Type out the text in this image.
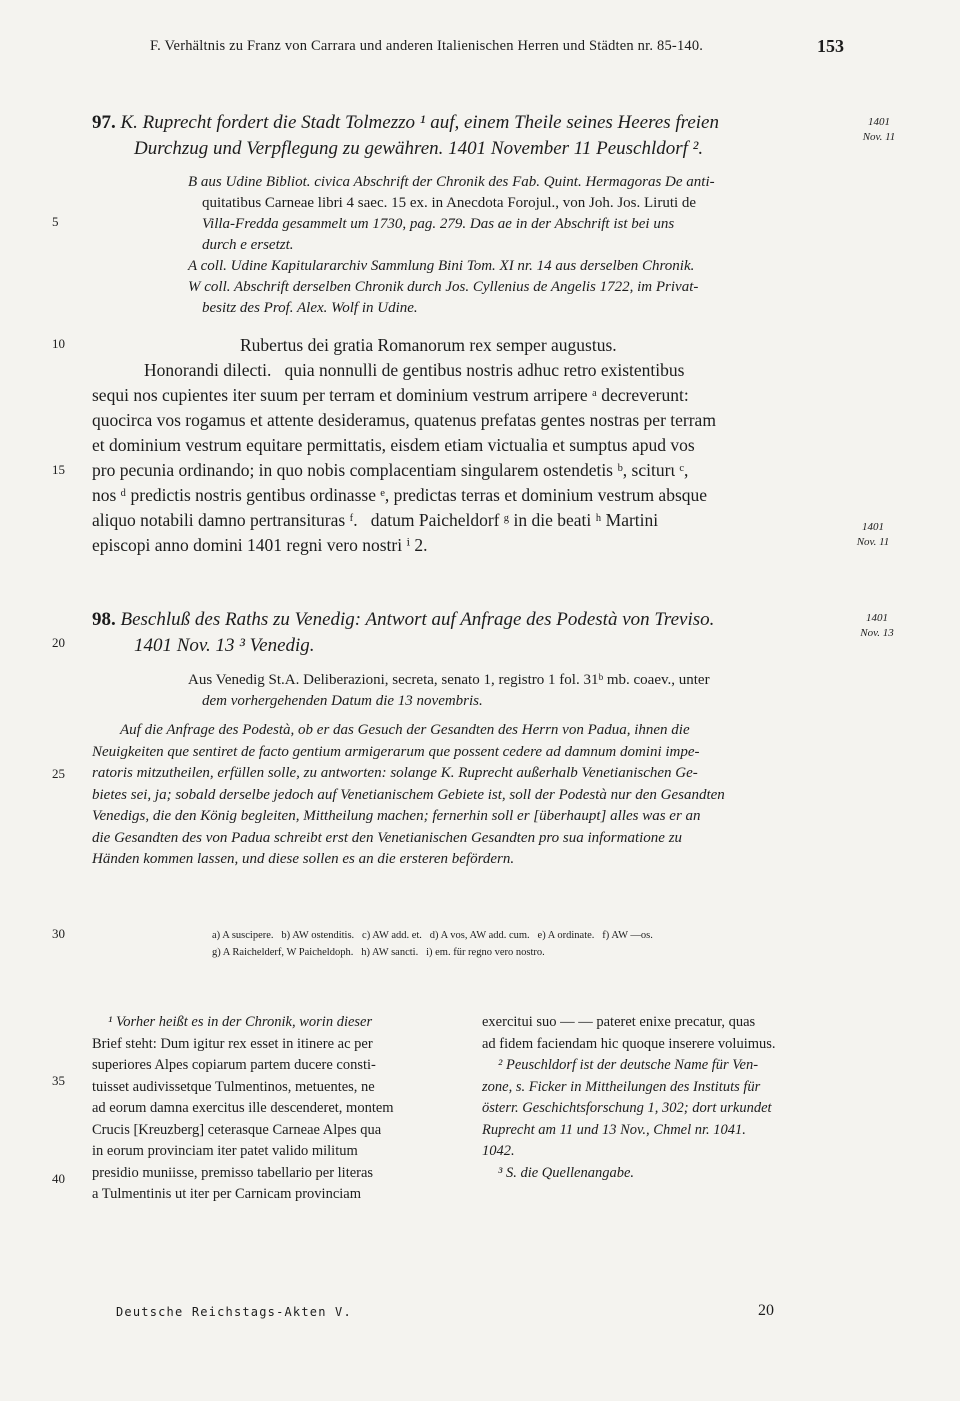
F. Verhältnis zu Franz von Carrara und anderen Italienischen Herren und Städten nr. 85-140.	153
5
10
15
20
25
30
35
40
1401
Nov. 11
1401
Nov. 11
1401
Nov. 13
97. K. Ruprecht fordert die Stadt Tolmezzo ¹ auf, einem Theile seines Heeres freien
Durchzug und Verpflegung zu gewähren. 1401 November 11 Peuschldorf ².
B aus Udine Bibliot. civica Abschrift der Chronik des Fab. Quint. Hermagoras De anti-
quitatibus Carneae libri 4 saec. 15 ex. in Anecdota Forojul., von Joh. Jos. Liruti de
Villa-Fredda gesammelt um 1730, pag. 279. Das ae in der Abschrift ist bei uns
durch e ersetzt.
A coll. Udine Kapitulararchiv Sammlung Bini Tom. XI nr. 14 aus derselben Chronik.
W coll. Abschrift derselben Chronik durch Jos. Cyllenius de Angelis 1722, im Privat-
besitz des Prof. Alex. Wolf in Udine.
Rubertus dei gratia Romanorum rex semper augustus.
Honorandi dilecti.   quia nonnulli de gentibus nostris adhuc retro existentibus
sequi nos cupientes iter suum per terram et dominium vestrum arripere ᵃ decreverunt:
quocirca vos rogamus et attente desideramus, quatenus prefatas gentes nostras per terram
et dominium vestrum equitare permittatis, eisdem etiam victualia et sumptus apud vos
pro pecunia ordinando; in quo nobis complacentiam singularem ostendetis ᵇ, sciturι ᶜ,
nos ᵈ predictis nostris gentibus ordinasse ᵉ, predictas terras et dominium vestrum absque
aliquo notabili damno pertransituras ᶠ.   datum Paicheldorf ᵍ in die beati ʰ Martini
episcopi anno domini 1401 regni vero nostri ⁱ 2.
98. Beschluß des Raths zu Venedig: Antwort auf Anfrage des Podestà von Treviso.
1401 Nov. 13 ³ Venedig.
Aus Venedig St.A. Deliberazioni, secreta, senato 1, registro 1 fol. 31ᵇ mb. coaev., unter
dem vorhergehenden Datum die 13 novembris.
Auf die Anfrage des Podestà, ob er das Gesuch der Gesandten des Herrn von Padua, ihnen die
Neuigkeiten que sentiret de facto gentium armigerarum que possent cedere ad damnum domini impe-
ratoris mitzutheilen, erfüllen solle, zu antworten: solange K. Ruprecht außerhalb Venetianischen Ge-
bietes sei, ja; sobald derselbe jedoch auf Venetianischem Gebiete ist, soll der Podestà nur den Gesandten
Venedigs, die den König begleiten, Mittheilung machen; fernerhin soll er [überhaupt] alles was er an
die Gesandten des von Padua schreibt erst den Venetianischen Gesandten pro sua informatione zu
Händen kommen lassen, und diese sollen es an die ersteren befördern.
a) A suscipere.   b) AW ostenditis.   c) AW add. et.   d) A vos, AW add. cum.   e) A ordinate.   f) AW —os.
g) A Raichelderf, W Paicheldoph.   h) AW sancti.   i) em. für regno vero nostro.
¹ Vorher heißt es in der Chronik, worin dieser
Brief steht: Dum igitur rex esset in itinere ac per
superiores Alpes copiarum partem ducere consti-
tuisset audivissetque Tulmentinos, metuentes, ne
ad eorum damna exercitus ille descenderet, montem
Crucis [Kreuzberg] ceterasque Carneae Alpes qua
in eorum provinciam iter patet valido militum
presidio muniisse, premisso tabellario per literas
a Tulmentinis ut iter per Carnicam provinciam
exercitui suo — — pateret enixe precatur, quas
ad fidem faciendam hic quoque inserere voluimus.
² Peuschldorf ist der deutsche Name für Ven-
zone, s. Ficker in Mittheilungen des Instituts für
österr. Geschichtsforschung 1, 302; dort urkundet
Ruprecht am 11 und 13 Nov., Chmel nr. 1041.
1042.
³ S. die Quellenangabe.
Deutsche Reichstags-Akten V.	20
